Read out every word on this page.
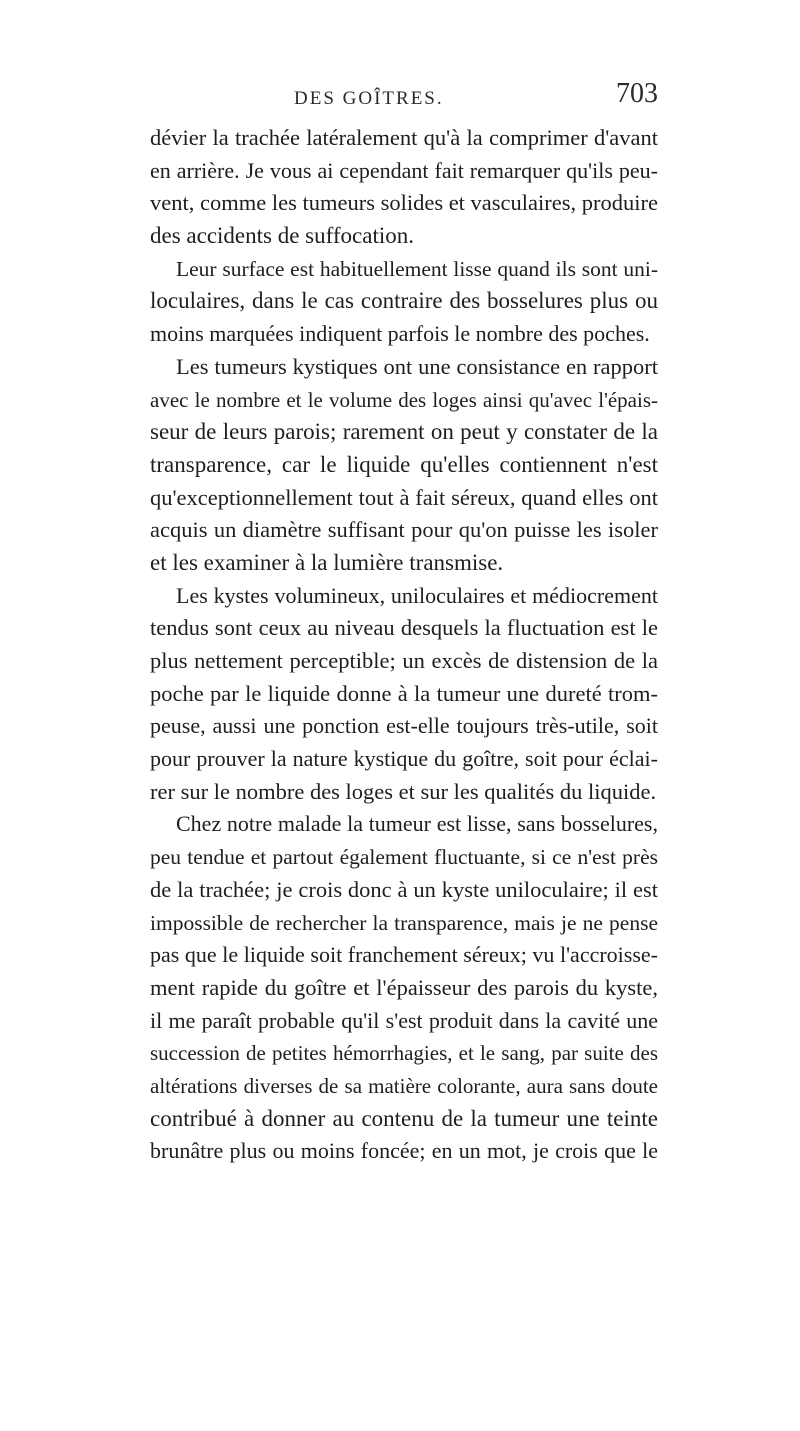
DES GOÎTRES.	703
dévier la trachée latéralement qu'à la comprimer d'avant
en arrière. Je vous ai cependant fait remarquer qu'ils peu-
vent, comme les tumeurs solides et vasculaires, produire
des accidents de suffocation.
Leur surface est habituellement lisse quand ils sont uni-
loculaires, dans le cas contraire des bosselures plus ou
moins marquées indiquent parfois le nombre des poches.
Les tumeurs kystiques ont une consistance en rapport
avec le nombre et le volume des loges ainsi qu'avec l'épais-
seur de leurs parois; rarement on peut y constater de la
transparence, car le liquide qu'elles contiennent n'est
qu'exceptionnellement tout à fait séreux, quand elles ont
acquis un diamètre suffisant pour qu'on puisse les isoler
et les examiner à la lumière transmise.
Les kystes volumineux, uniloculaires et médiocrement
tendus sont ceux au niveau desquels la fluctuation est le
plus nettement perceptible; un excès de distension de la
poche par le liquide donne à la tumeur une dureté trom-
peuse, aussi une ponction est-elle toujours très-utile, soit
pour prouver la nature kystique du goître, soit pour éclai-
rer sur le nombre des loges et sur les qualités du liquide.
Chez notre malade la tumeur est lisse, sans bosselures,
peu tendue et partout également fluctuante, si ce n'est près
de la trachée; je crois donc à un kyste uniloculaire; il est
impossible de rechercher la transparence, mais je ne pense
pas que le liquide soit franchement séreux; vu l'accroisse-
ment rapide du goître et l'épaisseur des parois du kyste,
il me paraît probable qu'il s'est produit dans la cavité une
succession de petites hémorrhagies, et le sang, par suite des
altérations diverses de sa matière colorante, aura sans doute
contribué à donner au contenu de la tumeur une teinte
brunâtre plus ou moins foncée; en un mot, je crois que le
